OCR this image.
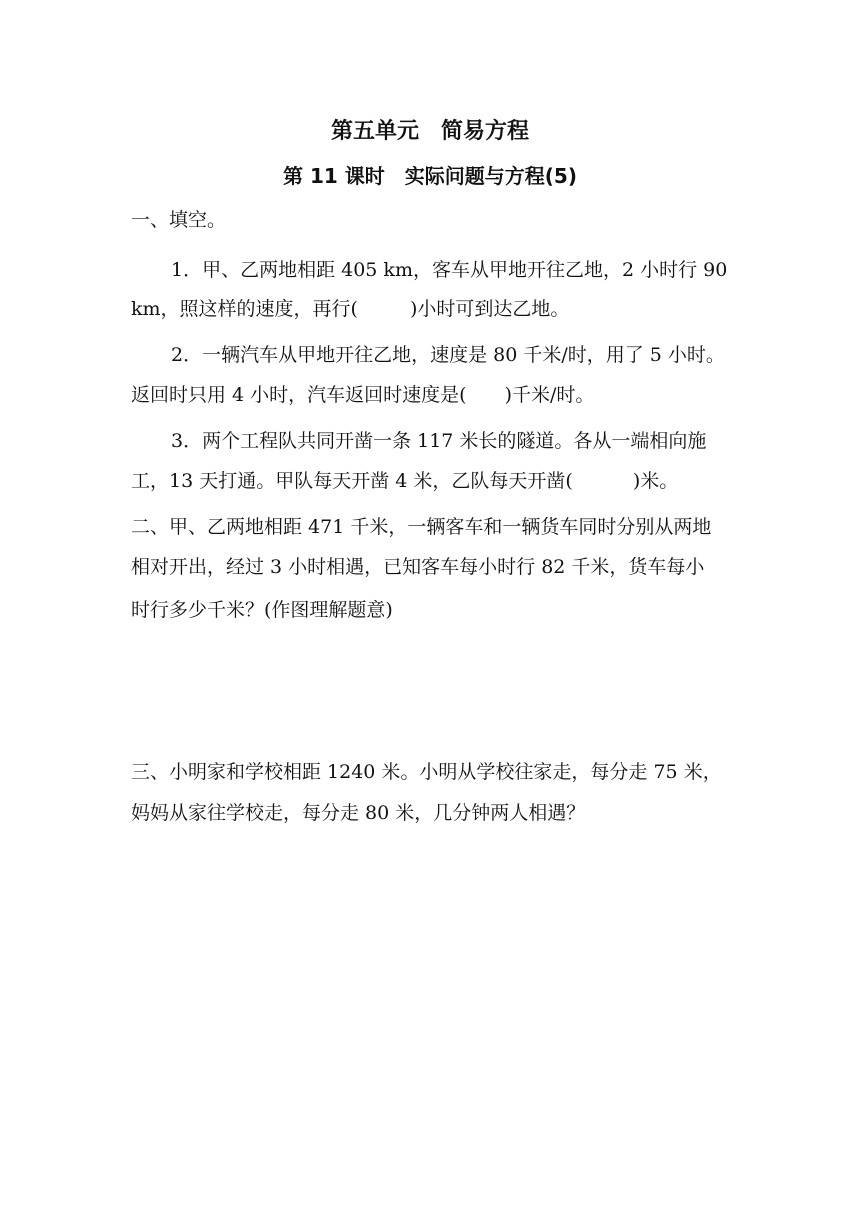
第五单元　简易方程
第 11 课时　实际问题与方程(5)
一、填空。
1．甲、乙两地相距 405 km，客车从甲地开往乙地，2 小时行 90
km，照这样的速度，再行(	)小时可到达乙地。
2．一辆汽车从甲地开往乙地，速度是 80 千米/时，用了 5 小时。
返回时只用 4 小时，汽车返回时速度是( )千米/时。
3．两个工程队共同开凿一条 117 米长的隧道。各从一端相向施
工，13 天打通。甲队每天开凿 4 米，乙队每天开凿(	)米。
二、甲、乙两地相距 471 千米，一辆客车和一辆货车同时分别从两地
相对开出，经过 3 小时相遇，已知客车每小时行 82 千米，货车每小
时行多少千米？(作图理解题意)
三、小明家和学校相距 1240 米。小明从学校往家走，每分走 75 米，
妈妈从家往学校走，每分走 80 米，几分钟两人相遇？
